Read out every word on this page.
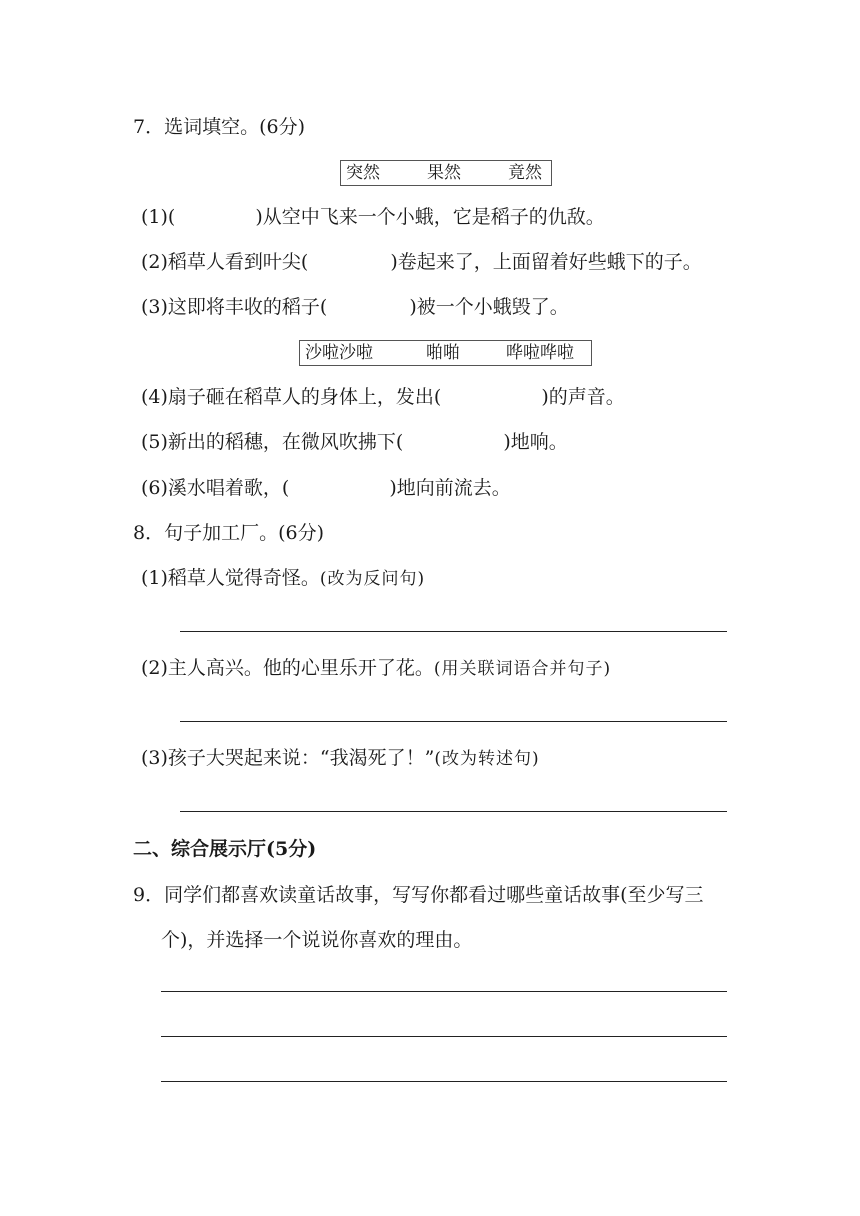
7．选词填空。(6分)
突然	果然	竟然
(1)(	)从空中飞来一个小蛾，它是稻子的仇敌。
(2)稻草人看到叶尖(	)卷起来了，上面留着好些蛾下的子。
(3)这即将丰收的稻子(	)被一个小蛾毁了。
沙啦沙啦	啪啪	哗啦哗啦
(4)扇子砸在稻草人的身体上，发出(	)的声音。
(5)新出的稻穗，在微风吹拂下(	)地响。
(6)溪水唱着歌，(	)地向前流去。
8．句子加工厂。(6分)
(1)稻草人觉得奇怪。(改为反问句)
(2)主人高兴。他的心里乐开了花。(用关联词语合并句子)
(3)孩子大哭起来说：“我渴死了！”(改为转述句)
二、综合展示厅(5分)
9．同学们都喜欢读童话故事，写写你都看过哪些童话故事(至少写三
个)，并选择一个说说你喜欢的理由。
